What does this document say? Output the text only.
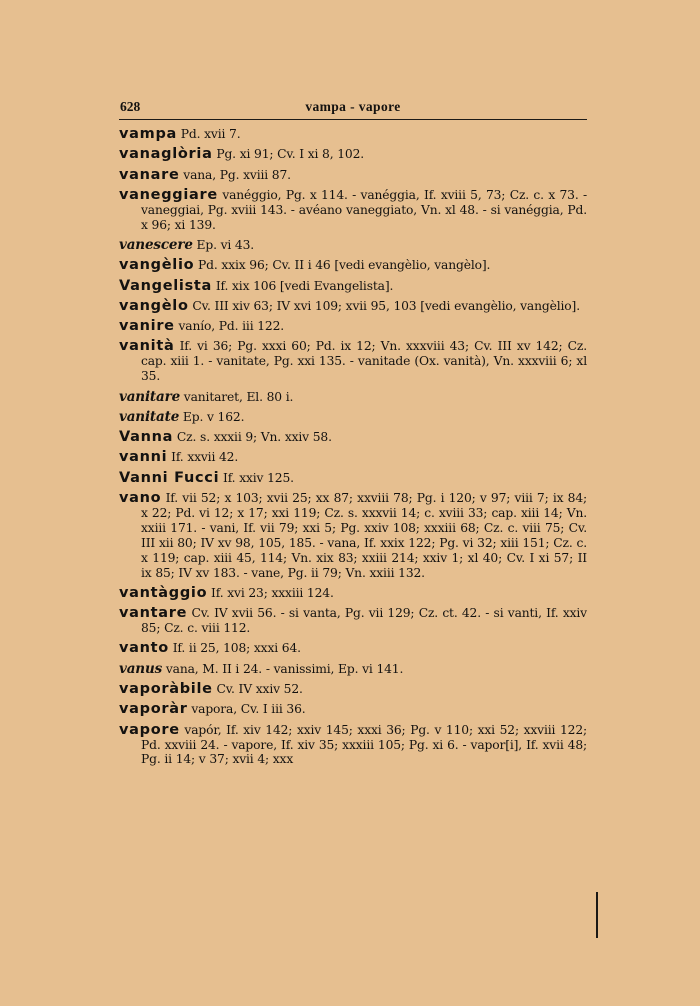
628	vampa - vapore
vampa Pd. xvii 7.
vanaglòria Pg. xi 91; Cv. I xi 8, 102.
vanare vana, Pg. xviii 87.
vaneggiare vanéggio, Pg. x 114. - vanéggia, If. xviii 5, 73; Cz. c. x 73. - vaneggiai, Pg. xviii 143. - avéano vaneggiato, Vn. xl 48. - si vanéggia, Pd. x 96; xi 139.
vanescere Ep. vi 43.
vangèlio Pd. xxix 96; Cv. II i 46 [vedi evangèlio, vangèlo].
Vangelista If. xix 106 [vedi Evangelista].
vangèlo Cv. III xiv 63; IV xvi 109; xvii 95, 103 [vedi evangèlio, vangèlio].
vanire vanío, Pd. iii 122.
vanità If. vi 36; Pg. xxxi 60; Pd. ix 12; Vn. xxxviii 43; Cv. III xv 142; Cz. cap. xiii 1. - vanitate, Pg. xxi 135. - vanitade (Ox. vanità), Vn. xxxviii 6; xl 35.
vanitare vanitaret, El. 80 i.
vanitate Ep. v 162.
Vanna Cz. s. xxxii 9; Vn. xxiv 58.
vanni If. xxvii 42.
Vanni Fucci If. xxiv 125.
vano If. vii 52; x 103; xvii 25; xx 87; xxviii 78; Pg. i 120; v 97; viii 7; ix 84; x 22; Pd. vi 12; x 17; xxi 119; Cz. s. xxxvii 14; c. xviii 33; cap. xiii 14; Vn. xxiii 171. - vani, If. vii 79; xxi 5; Pg. xxiv 108; xxxiii 68; Cz. c. viii 75; Cv. III xii 80; IV xv 98, 105, 185. - vana, If. xxix 122; Pg. vi 32; xiii 151; Cz. c. x 119; cap. xiii 45, 114; Vn. xix 83; xxiii 214; xxiv 1; xl 40; Cv. I xi 57; II ix 85; IV xv 183. - vane, Pg. ii 79; Vn. xxiii 132.
vantàggio If. xvi 23; xxxiii 124.
vantare Cv. IV xvii 56. - si vanta, Pg. vii 129; Cz. ct. 42. - si vanti, If. xxiv 85; Cz. c. viii 112.
vanto If. ii 25, 108; xxxi 64.
vanus vana, M. II i 24. - vanissimi, Ep. vi 141.
vaporàbile Cv. IV xxiv 52.
vaporàr vapora, Cv. I iii 36.
vapore vapór, If. xiv 142; xxiv 145; xxxi 36; Pg. v 110; xxi 52; xxviii 122; Pd. xxviii 24. - vapore, If. xiv 35; xxxiii 105; Pg. xi 6. - vapor[i], If. xvii 48; Pg. ii 14; v 37; xvii 4; xxx
